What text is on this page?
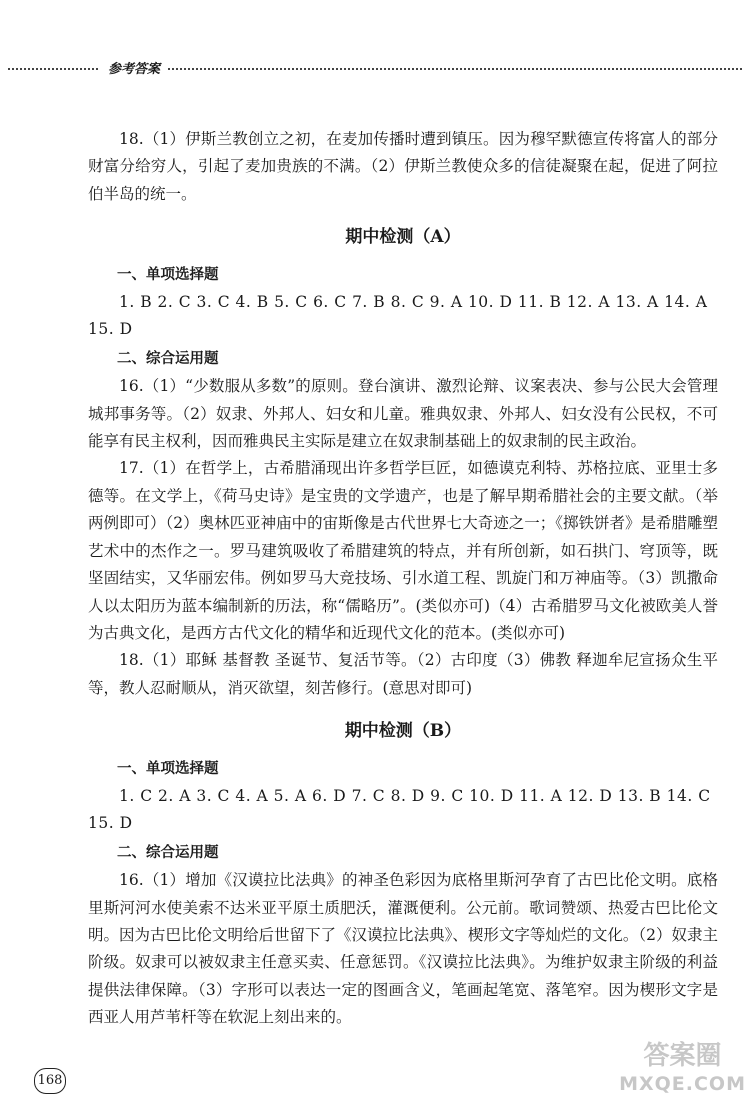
参考答案

18.（1）伊斯兰教创立之初，在麦加传播时遭到镇压。因为穆罕默德宣传将富人的部分财富分给穷人，引起了麦加贵族的不满。（2）伊斯兰教使众多的信徒凝聚在起，促进了阿拉伯半岛的统一。

期中检测（A）

一、单项选择题

1. B 2. C 3. C 4. B 5. C 6. C 7. B 8. C 9. A 10. D 11. B 12. A 13. A 14. A 15. D

二、综合运用题

16.（1）“少数服从多数”的原则。登台演讲、激烈论辩、议案表决、参与公民大会管理城邦事务等。（2）奴隶、外邦人、妇女和儿童。雅典奴隶、外邦人、妇女没有公民权，不可能享有民主权利，因而雅典民主实际是建立在奴隶制基础上的奴隶制的民主政治。

17.（1）在哲学上，古希腊涌现出许多哲学巨匠，如德谟克利特、苏格拉底、亚里士多德等。在文学上，《荷马史诗》是宝贵的文学遗产，也是了解早期希腊社会的主要文献。（举两例即可）（2）奥林匹亚神庙中的宙斯像是古代世界七大奇迹之一；《掷铁饼者》是希腊雕塑艺术中的杰作之一。罗马建筑吸收了希腊建筑的特点，并有所创新，如石拱门、穹顶等，既坚固结实，又华丽宏伟。例如罗马大竞技场、引水道工程、凯旋门和万神庙等。（3）凯撒命人以太阳历为蓝本编制新的历法，称“儒略历”。(类似亦可)（4）古希腊罗马文化被欧美人誉为古典文化，是西方古代文化的精华和近现代文化的范本。(类似亦可)

18.（1）耶稣 基督教 圣诞节、复活节等。（2）古印度（3）佛教 释迦牟尼宣扬众生平等，教人忍耐顺从，消灭欲望，刻苦修行。(意思对即可)

期中检测（B）

一、单项选择题

1. C 2. A 3. C 4. A 5. A 6. D 7. C 8. D 9. C 10. D 11. A 12. D 13. B 14. C 15. D

二、综合运用题

16.（1）增加《汉谟拉比法典》的神圣色彩因为底格里斯河孕育了古巴比伦文明。底格里斯河河水使美索不达米亚平原土质肥沃，灌溉便利。公元前。歌词赞颂、热爱古巴比伦文明。因为古巴比伦文明给后世留下了《汉谟拉比法典》、楔形文字等灿烂的文化。（2）奴隶主阶级。奴隶可以被奴隶主任意买卖、任意惩罚。《汉谟拉比法典》。为维护奴隶主阶级的利益提供法律保障。（3）字形可以表达一定的图画含义，笔画起笔宽、落笔窄。因为楔形文字是西亚人用芦苇杆等在软泥上刻出来的。

168
答案圈
MXQE.COM
